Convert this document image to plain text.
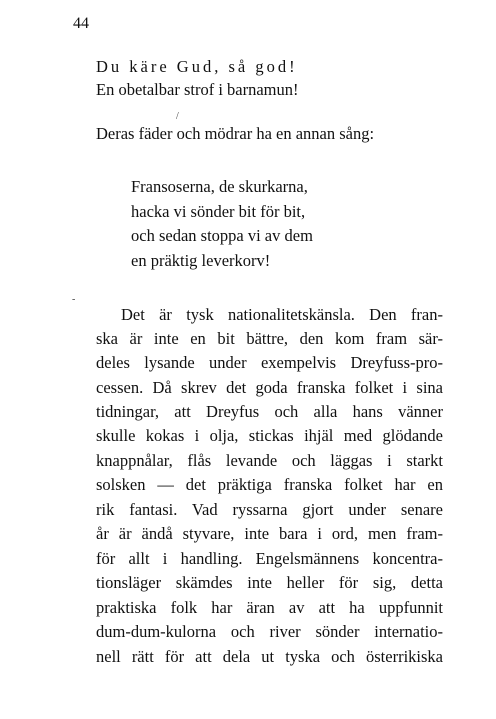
44
Du käre Gud, så god!
En obetalbar strof i barnamun!
/
Deras fäder och mödrar ha en annan sång:
Fransoserna, de skurkarna,
hacka vi sönder bit för bit,
och sedan stoppa vi av dem
en präktig leverkorv!
-
Det är tysk nationalitetskänsla. Den fran-
ska är inte en bit bättre, den kom fram sär-
deles lysande under exempelvis Dreyfuss-pro-
cessen. Då skrev det goda franska folket i sina
tidningar, att Dreyfus och alla hans vänner
skulle kokas i olja, stickas ihjäl med glödande
knappnålar, flås levande och läggas i starkt
solsken — det präktiga franska folket har en
rik fantasi. Vad ryssarna gjort under senare
år är ändå styvare, inte bara i ord, men fram-
för allt i handling. Engelsmännens koncentra-
tionsläger skämdes inte heller för sig, detta
praktiska folk har äran av att ha uppfunnit
dum-dum-kulorna och river sönder internatio-
nell rätt för att dela ut tyska och österrikiska
